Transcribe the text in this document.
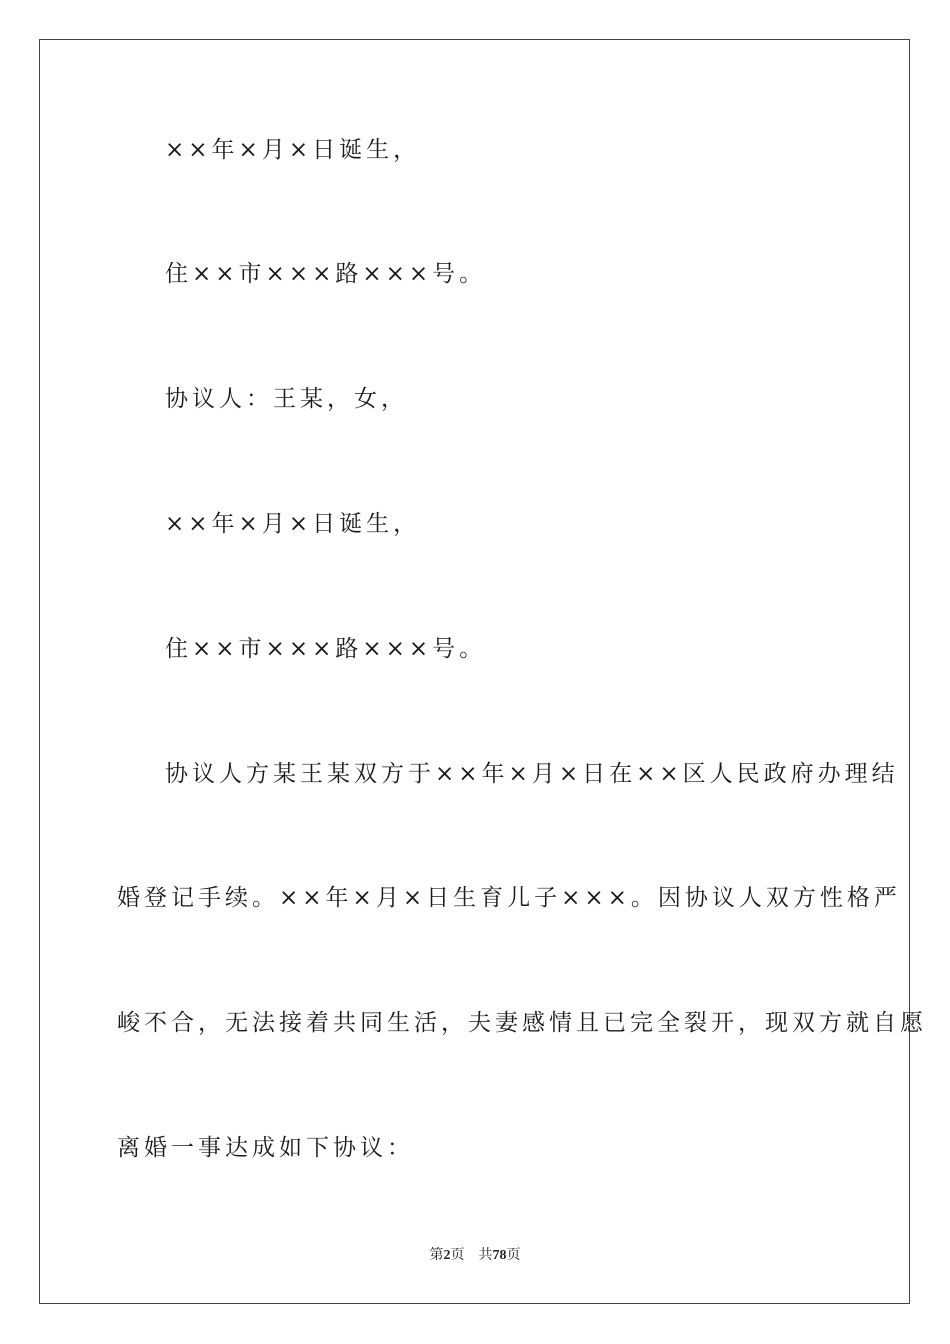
××年×月×日诞生，
住××市×××路×××号。
协议人：王某，女，
××年×月×日诞生，
住××市×××路×××号。
协议人方某王某双方于××年×月×日在××区人民政府办理结
婚登记手续。××年×月×日生育儿子×××。因协议人双方性格严
峻不合，无法接着共同生活，夫妻感情且已完全裂开，现双方就自愿
离婚一事达成如下协议：
第2页 共78页
